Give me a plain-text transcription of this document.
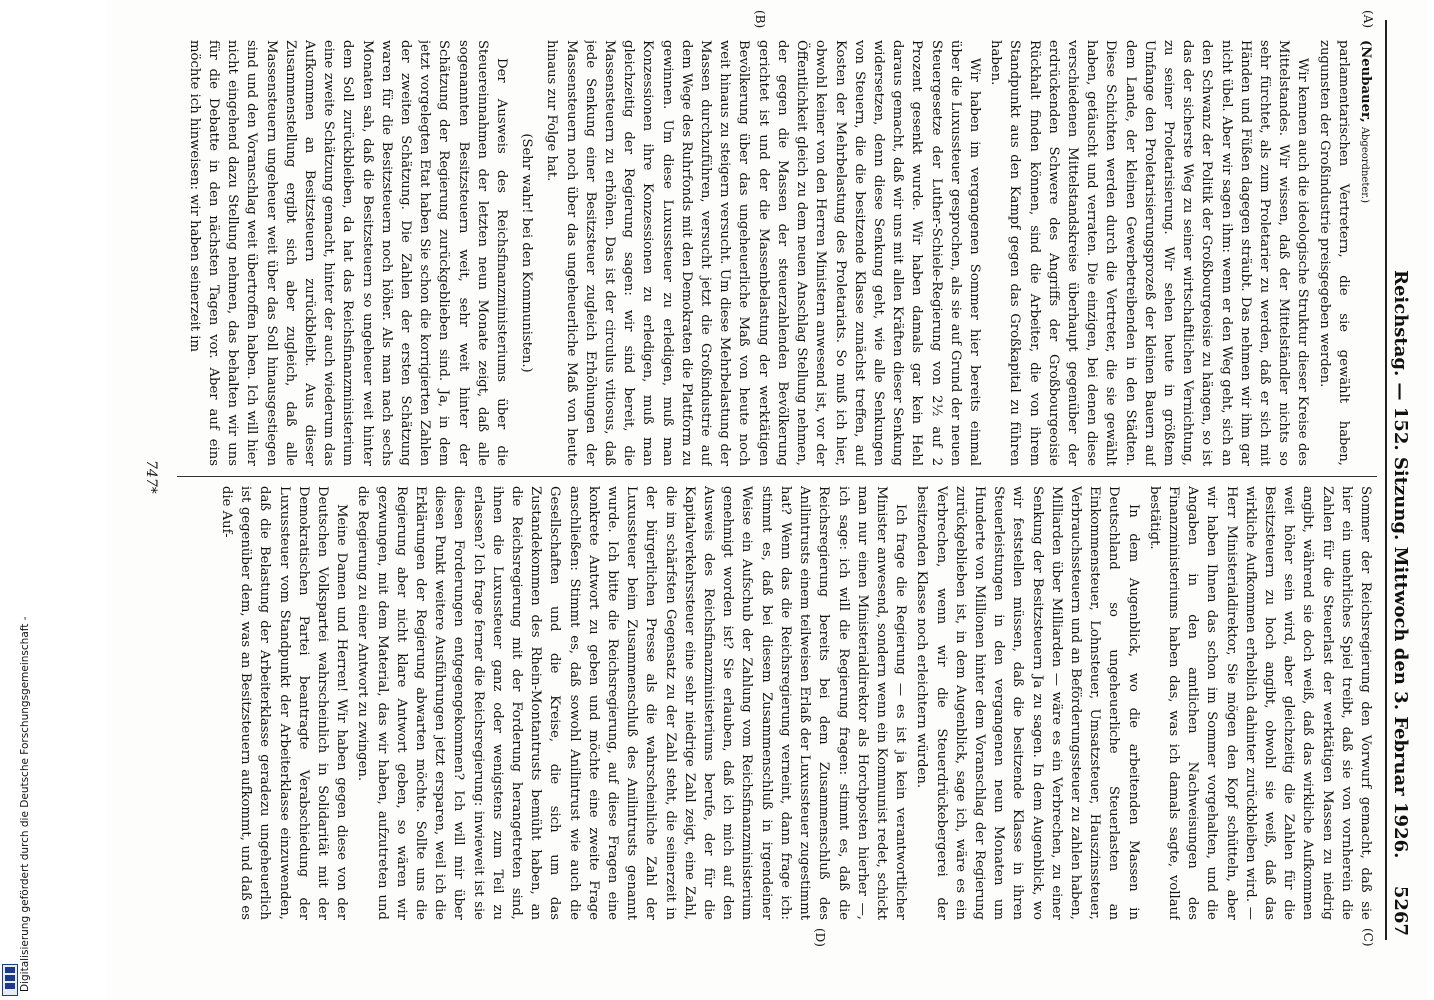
Digitalisierung gefördert durch die Deutsche Forschungsgemeinschaft -	Reichstag. — 152. Sitzung. Mittwoch den 3. Februar 1926.
5267
(A)
(B)
(C)
(D)

(Neubauer, Abgeordneter.)

parlamentarischen Vertretern, die sie gewählt haben, zugunsten der Großindustrie preisgegeben werden.

Wir kennen auch die ideologische Struktur dieser Kreise des Mittelstandes. Wir wissen, daß der Mittelständler nichts so sehr fürchtet, als zum Proletarier zu werden, daß er sich mit Händen und Füßen dagegen sträubt. Das nehmen wir ihm gar nicht übel. Aber wir sagen ihm: wenn er den Weg geht, sich an den Schwanz der Politik der Großbourgeoisie zu hängen, so ist das der sicherste Weg zu seiner wirtschaftlichen Vernichtung, zu seiner Proletarisierung. Wir sehen heute in größtem Umfange den Proletarisierungsprozeß der kleinen Bauern auf dem Lande, der kleinen Gewerbetreibenden in den Städten. Diese Schichten werden durch die Vertreter, die sie gewählt haben, getäuscht und verraten. Die einzigen, bei denen diese verschiedenen Mittelstandskreise überhaupt gegenüber der erdrückenden Schwere des Angriffs der Großbourgeoisie Rückhalt finden können, sind die Arbeiter, die von ihrem Standpunkt aus den Kampf gegen das Großkapital zu führen haben.

Wir haben im vergangenen Sommer hier bereits einmal über die Luxussteuer gesprochen, als sie auf Grund der neuen Steuergesetze der Luther-Schiele-Regierung von 2½ auf 2 Prozent gesenkt wurde. Wir haben damals gar kein Hehl daraus gemacht, daß wir uns mit allen Kräften dieser Senkung widersetzen, denn diese Senkung geht, wie alle Senkungen von Steuern, die die besitzende Klasse zunächst treffen, auf Kosten der Mehrbelastung des Proletariats. So muß ich hier, obwohl keiner von den Herren Ministern anwesend ist, vor der Öffentlichkeit gleich zu dem neuen Anschlag Stellung nehmen, der gegen die Massen der steuerzahlenden Bevölkerung gerichtet ist und der die Massenbelastung der werktätigen Bevölkerung über das ungeheuerliche Maß von heute noch weit hinaus zu steigern versucht. Um diese Mehrbelastung der Massen durchzuführen, versucht jetzt die Großindustrie auf dem Wege des Ruhrfonds mit den Demokraten die Plattform zu gewinnen. Um diese Luxussteuer zu erledigen, muß man Konzessionen ihre Konzessionen zu erledigen, muß man gleichzeitig der Regierung sagen: wir sind bereit, die Massensteuern zu erhöhen. Das ist der circulus vitiosus, daß jede Senkung einer Besitzsteuer zugleich Erhöhungen der Massensteuern noch über das ungeheuerliche Maß von heute hinaus zur Folge hat.

(Sehr wahr! bei den Kommunisten.)

Der Ausweis des Reichsfinanzministeriums über die Steuereinnahmen der letzten neun Monate zeigt, daß alle sogenannten Besitzsteuern weit, sehr weit hinter der Schätzung der Regierung zurückgeblieben sind. Ja, in dem jetzt vorgelegten Etat haben Sie schon die korrigierten Zahlen der zweiten Schätzung. Die Zahlen der ersten Schätzung waren für die Besitzsteuern noch höher. Als man nach sechs Monaten sah, daß die Besitzsteuern so ungeheuer weit hinter dem Soll zurückbleiben, da hat das Reichsfinanzministerium eine zweite Schätzung gemacht, hinter der auch wiederum das Aufkommen an Besitzsteuern zurückbleibt. Aus dieser Zusammenstellung ergibt sich aber zugleich, daß alle Massensteuern ungeheuer weit über das Soll hinausgestiegen sind und den Voranschlag weit übertroffen haben. Ich will hier nicht eingehend dazu Stellung nehmen, das behalten wir uns für die Debatte in den nächsten Tagen vor. Aber auf eins möchte ich hinweisen: wir haben seinerzeit im

Sommer der Reichsregierung den Vorwurf gemacht, daß sie hier ein unehrliches Spiel treibt, daß sie von vornherein die Zahlen für die Steuerlast der werktätigen Massen zu niedrig angibt, während sie doch weiß, daß das wirkliche Aufkommen weit höher sein wird, aber gleichzeitig die Zahlen für die Besitzsteuern zu hoch angibt, obwohl sie weiß, daß das wirkliche Aufkommen erheblich dahinter zurückbleiben wird. — Herr Ministerialdirektor, Sie mögen den Kopf schütteln, aber wir haben Ihnen das schon im Sommer vorgehalten, und die Angaben in den amtlichen Nachweisungen des Finanzministeriums haben das, was ich damals sagte, vollauf bestätigt.

In dem Augenblick, wo die arbeitenden Massen in Deutschland so ungeheuerliche Steuerlasten an Einkommensteuer, Lohnsteuer, Umsatzsteuer, Hauszinssteuer, Verbrauchssteuern und an Beförderungssteuer zu zahlen haben, Milliarden über Milliarden — wäre es ein Verbrechen, zu einer Senkung der Besitzsteuern Ja zu sagen. In dem Augenblick, wo wir feststellen müssen, daß die besitzende Klasse in ihren Steuerleistungen in den vergangenen neun Monaten um Hunderte von Millionen hinter dem Voranschlag der Regierung zurückgeblieben ist, in dem Augenblick, sage ich, wäre es ein Verbrechen, wenn wir die Steuerdrückebergerei der besitzenden Klasse noch erleichtern würden.

Ich frage die Regierung — es ist ja kein verantwortlicher Minister anwesend, sondern wenn ein Kommunist redet, schickt man nur einen Ministerialdirektor als Horchposten hierher —, ich sage: ich will die Regierung fragen: stimmt es, daß die Reichsregierung bereits bei dem Zusammenschluß des Anilintrusts einem teilweisen Erlaß der Luxussteuer zugestimmt hat? Wenn das die Reichsregierung verneint, dann frage ich: stimmt es, daß bei diesem Zusammenschluß in irgendeiner Weise ein Aufschub der Zahlung vom Reichsfinanzministerium genehmigt worden ist? Sie erlauben, daß ich mich auf den Ausweis des Reichsfinanzministeriums berufe, der für die Kapitalverkehrssteuer eine sehr niedrige Zahl zeigt, eine Zahl, die im schärfsten Gegensatz zu der Zahl steht, die seinerzeit in der bürgerlichen Presse als die wahrscheinliche Zahl der Luxussteuer beim Zusammenschluß des Anilintrusts genannt wurde. Ich bitte die Reichsregierung, auf diese Fragen eine konkrete Antwort zu geben und möchte eine zweite Frage anschließen: Stimmt es, daß sowohl Anilintrust wie auch die Gesellschaften und die Kreise, die sich um das Zustandekommen des Rhein-Montantrusts bemüht haben, an die Reichsregierung mit der Forderung herangetreten sind, ihnen die Luxussteuer ganz oder wenigstens zum Teil zu erlassen? Ich frage ferner die Reichsregierung: inwieweit ist sie diesen Forderungen entgegengekommen? Ich will mir über diesen Punkt weitere Ausführungen jetzt ersparen, weil ich die Erklärungen der Regierung abwarten möchte. Sollte uns die Regierung aber nicht klare Antwort geben, so wären wir gezwungen, mit dem Material, das wir haben, aufzutreten und die Regierung zu einer Antwort zu zwingen.

Meine Damen und Herren! Wir haben gegen diese von der Deutschen Volkspartei wahrscheinlich in Solidarität mit der Demokratischen Partei beantragte Verabschiedung der Luxussteuer vom Standpunkt der Arbeiterklasse einzuwenden, daß die Belastung der Arbeiterklasse geradezu ungeheuerlich ist gegenüber dem, was an Besitzsteuern aufkommt, und daß es die Auf-

747*
